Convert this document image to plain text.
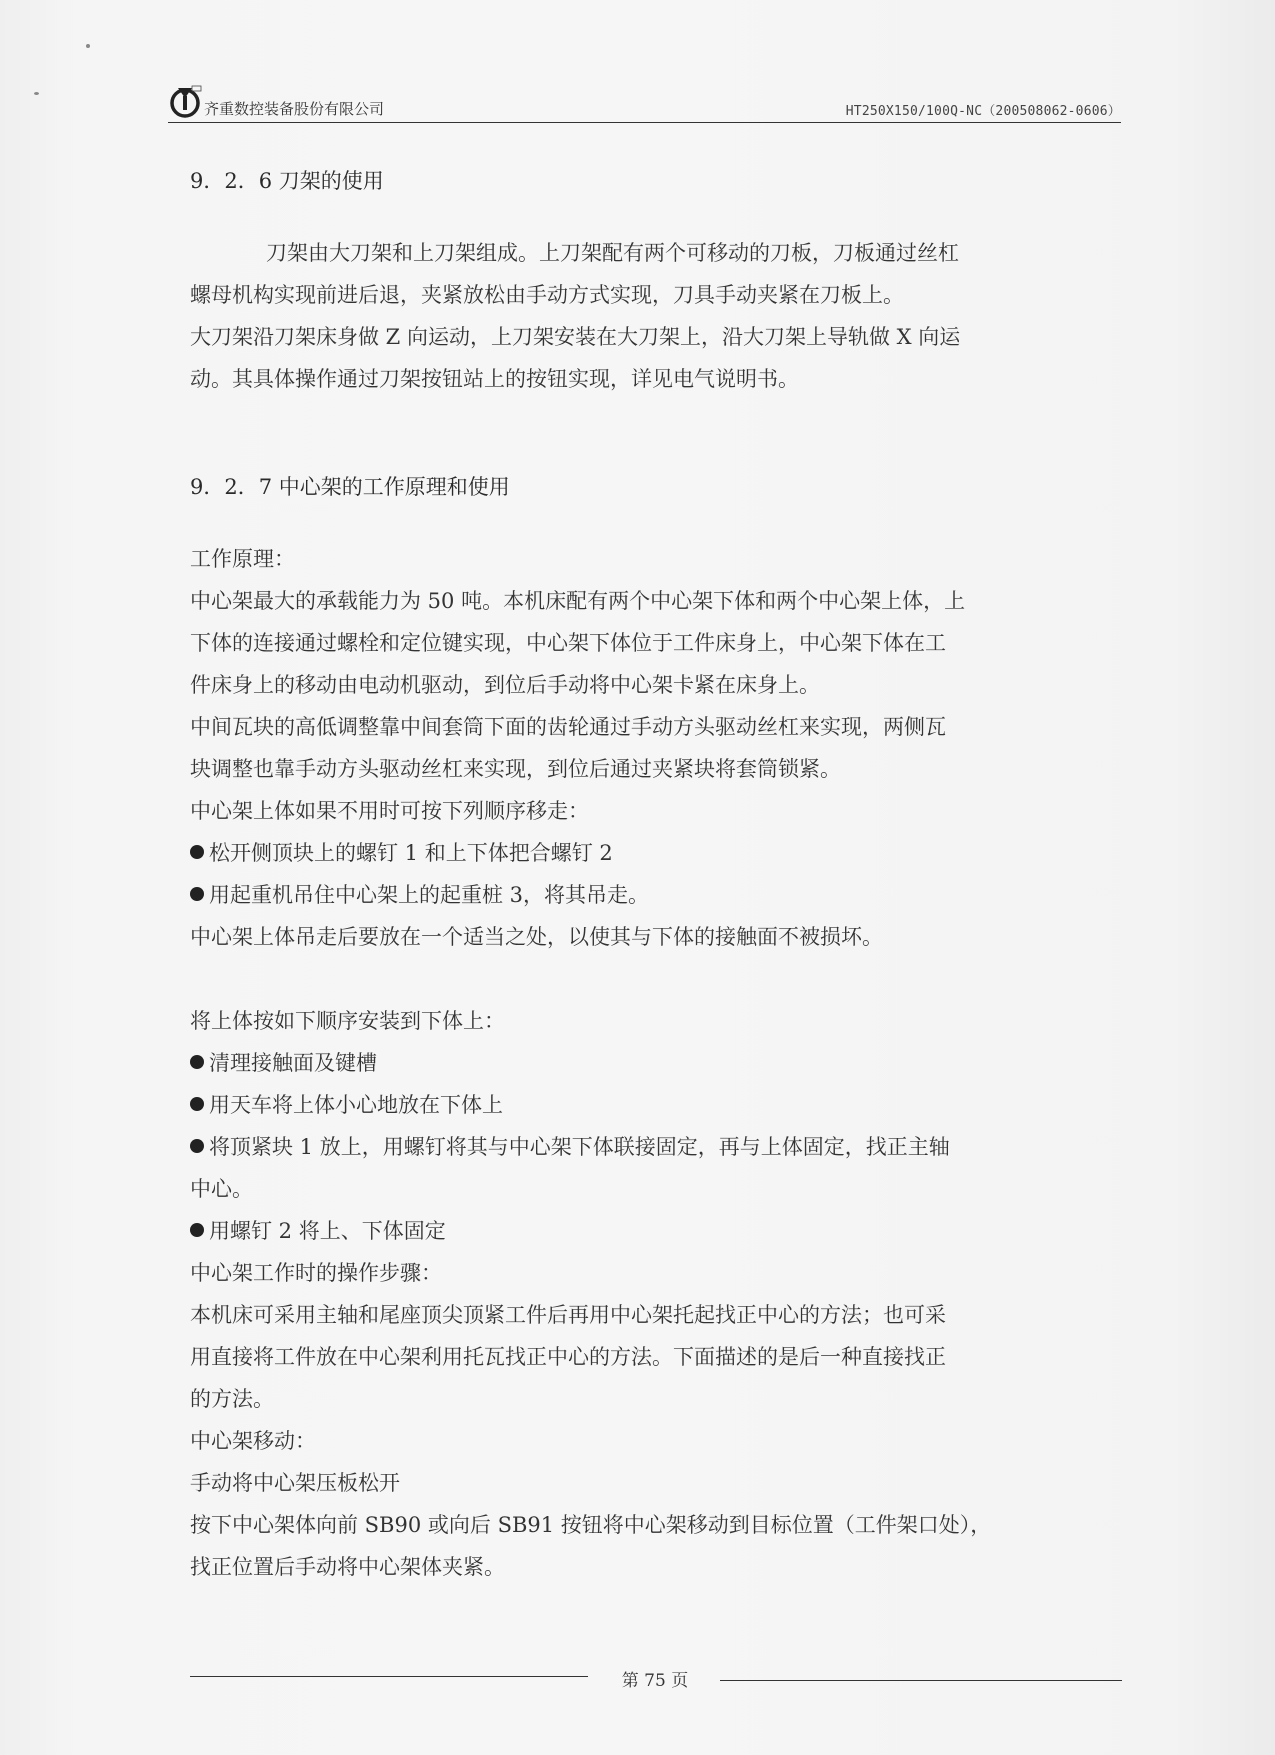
齐重数控装备股份有限公司	HT250X150/100Q-NC（200508062-0606）
9．2．6 刀架的使用
刀架由大刀架和上刀架组成。上刀架配有两个可移动的刀板，刀板通过丝杠
螺母机构实现前进后退，夹紧放松由手动方式实现，刀具手动夹紧在刀板上。
大刀架沿刀架床身做 Z 向运动，上刀架安装在大刀架上，沿大刀架上导轨做 X 向运
动。其具体操作通过刀架按钮站上的按钮实现，详见电气说明书。
9．2．7 中心架的工作原理和使用
工作原理：
中心架最大的承载能力为 50 吨。本机床配有两个中心架下体和两个中心架上体，上
下体的连接通过螺栓和定位键实现，中心架下体位于工件床身上，中心架下体在工
件床身上的移动由电动机驱动，到位后手动将中心架卡紧在床身上。
中间瓦块的高低调整靠中间套筒下面的齿轮通过手动方头驱动丝杠来实现，两侧瓦
块调整也靠手动方头驱动丝杠来实现，到位后通过夹紧块将套筒锁紧。
中心架上体如果不用时可按下列顺序移走：
松开侧顶块上的螺钉 1 和上下体把合螺钉 2
用起重机吊住中心架上的起重桩 3，将其吊走。
中心架上体吊走后要放在一个适当之处，以使其与下体的接触面不被损坏。
将上体按如下顺序安装到下体上：
清理接触面及键槽
用天车将上体小心地放在下体上
将顶紧块 1 放上，用螺钉将其与中心架下体联接固定，再与上体固定，找正主轴
中心。
用螺钉 2 将上、下体固定
中心架工作时的操作步骤：
本机床可采用主轴和尾座顶尖顶紧工件后再用中心架托起找正中心的方法；也可采
用直接将工件放在中心架利用托瓦找正中心的方法。下面描述的是后一种直接找正
的方法。
中心架移动：
手动将中心架压板松开
按下中心架体向前 SB90 或向后 SB91 按钮将中心架移动到目标位置（工件架口处），
找正位置后手动将中心架体夹紧。
第 75 页
